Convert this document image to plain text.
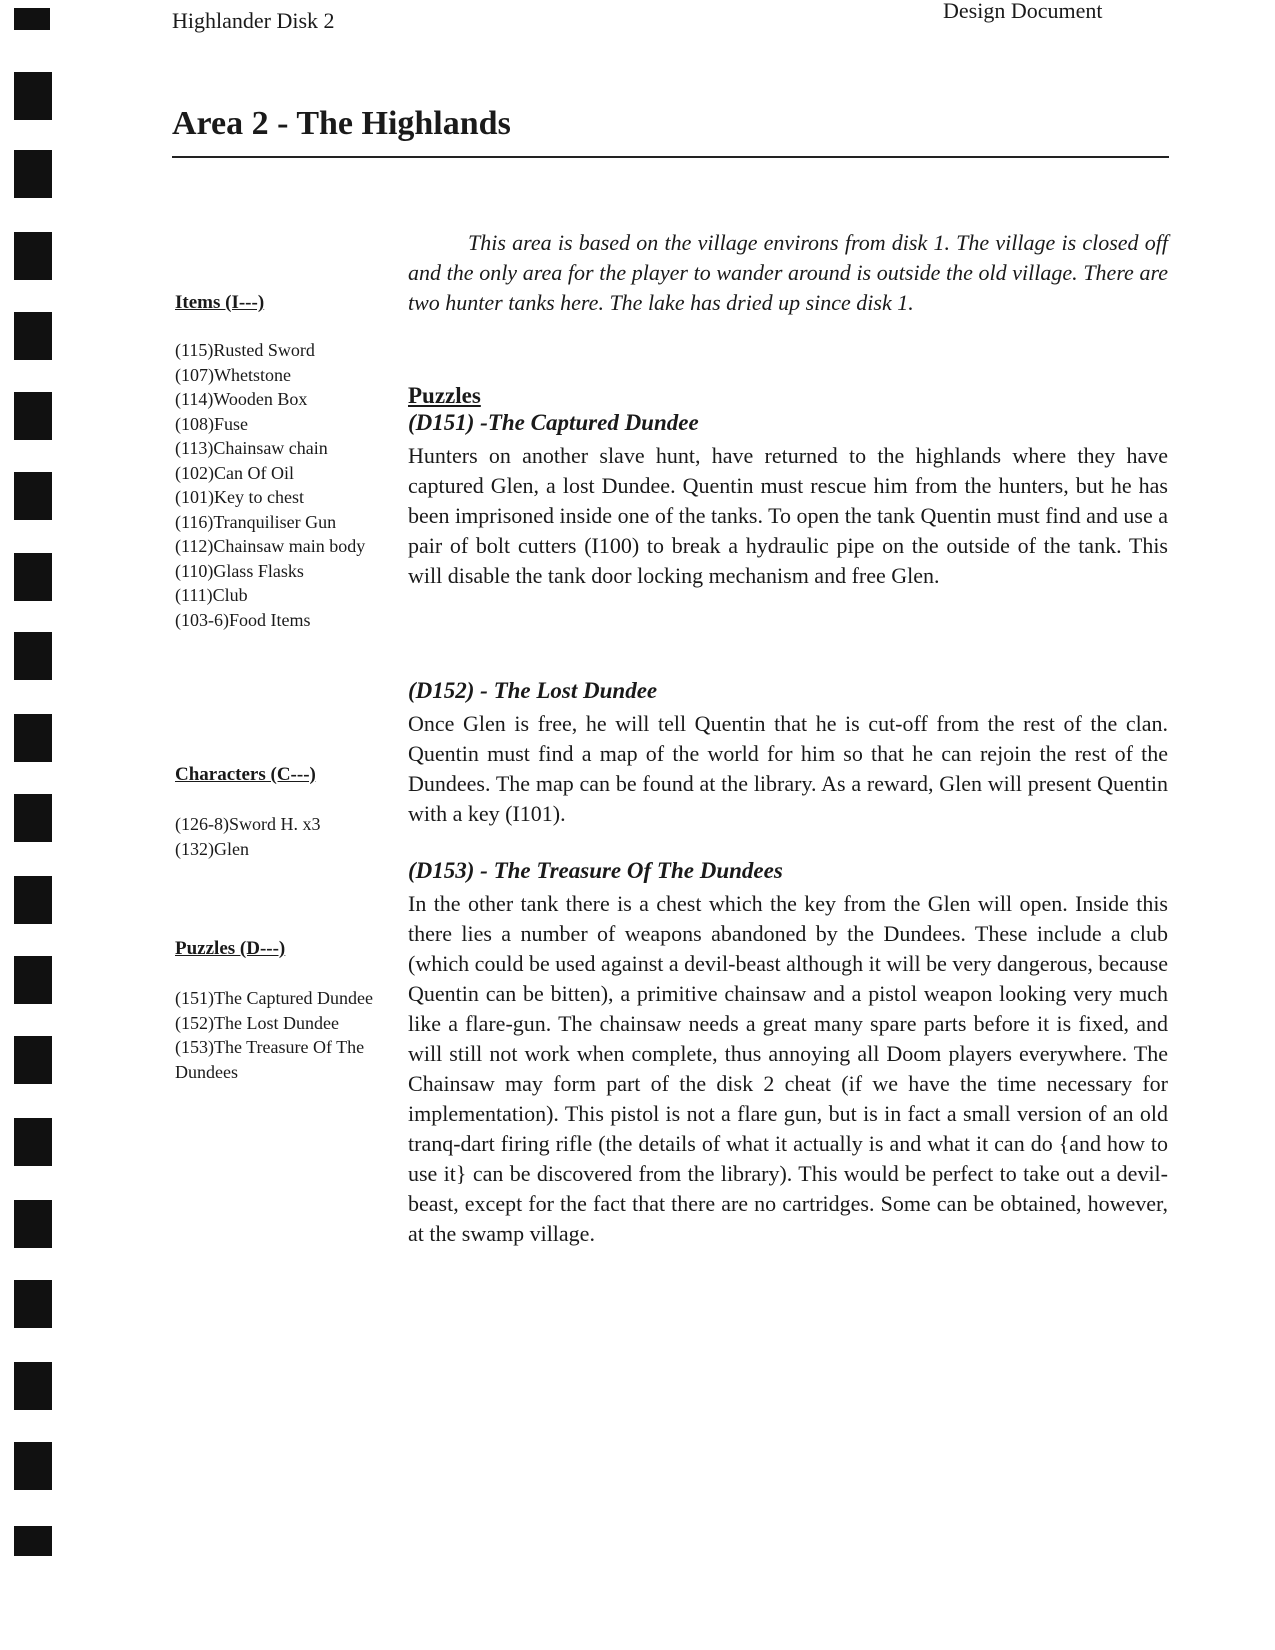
Highlander Disk 2	Design Document
Area 2 - The Highlands
Items (I---)
(115)Rusted Sword
(107)Whetstone
(114)Wooden Box
(108)Fuse
(113)Chainsaw chain
(102)Can Of Oil
(101)Key to chest
(116)Tranquiliser Gun
(112)Chainsaw main body
(110)Glass Flasks
(111)Club
(103-6)Food Items
Characters (C---)
(126-8)Sword H. x3
(132)Glen
Puzzles (D---)
(151)The Captured Dundee
(152)The Lost Dundee
(153)The Treasure Of The Dundees
This area is based on the village environs from disk 1. The village is closed off and the only area for the player to wander around is outside the old village. There are two hunter tanks here. The lake has dried up since disk 1.
Puzzles
(D151) -The Captured Dundee
Hunters on another slave hunt, have returned to the highlands where they have captured Glen, a lost Dundee. Quentin must rescue him from the hunters, but he has been imprisoned inside one of the tanks. To open the tank Quentin must find and use a pair of bolt cutters (I100) to break a hydraulic pipe on the outside of the tank. This will disable the tank door locking mechanism and free Glen.
(D152) - The Lost Dundee
Once Glen is free, he will tell Quentin that he is cut-off from the rest of the clan. Quentin must find a map of the world for him so that he can rejoin the rest of the Dundees. The map can be found at the library. As a reward, Glen will present Quentin with a key (I101).
(D153) - The Treasure Of The Dundees
In the other tank there is a chest which the key from the Glen will open. Inside this there lies a number of weapons abandoned by the Dundees. These include a club (which could be used against a devil-beast although it will be very dangerous, because Quentin can be bitten), a primitive chainsaw and a pistol weapon looking very much like a flare-gun. The chainsaw needs a great many spare parts before it is fixed, and will still not work when complete, thus annoying all Doom players everywhere. The Chainsaw may form part of the disk 2 cheat (if we have the time necessary for implementation). This pistol is not a flare gun, but is in fact a small version of an old tranq-dart firing rifle (the details of what it actually is and what it can do {and how to use it} can be discovered from the library). This would be perfect to take out a devil-beast, except for the fact that there are no cartridges. Some can be obtained, however, at the swamp village.
